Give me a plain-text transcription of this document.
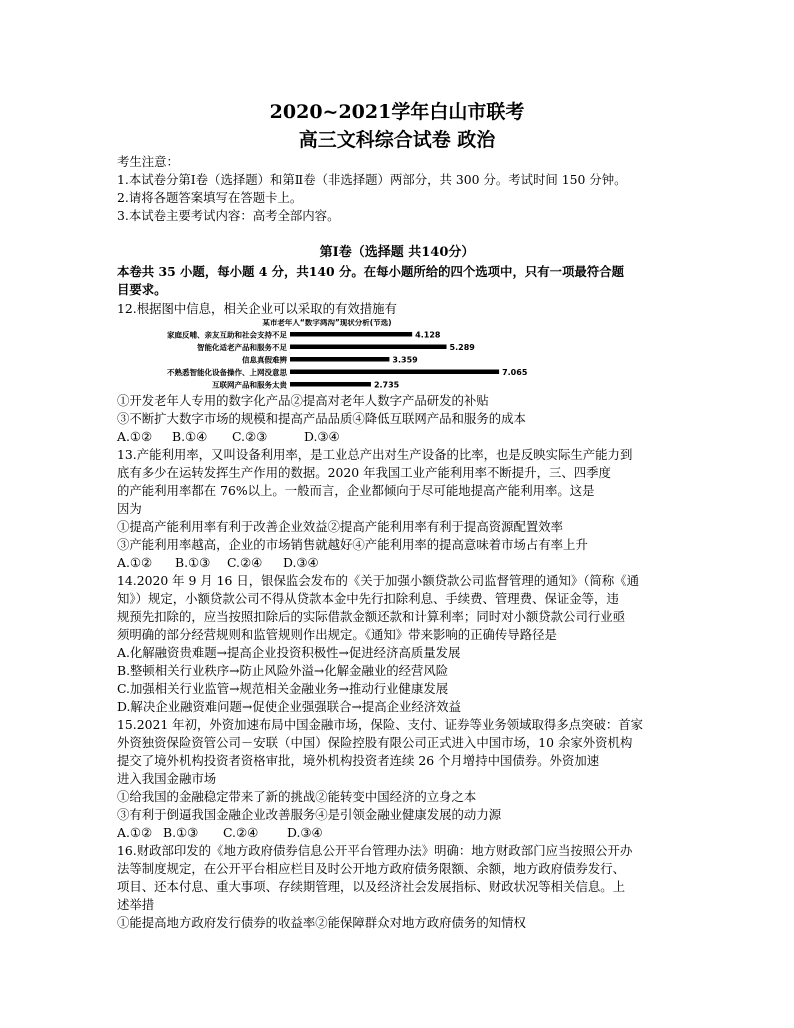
2020~2021学年白山市联考
高三文科综合试卷 政治
考生注意：
1.本试卷分第Ⅰ卷（选择题）和第Ⅱ卷（非选择题）两部分，共 300 分。考试时间 150 分钟。
2.请将各题答案填写在答题卡上。
3.本试卷主要考试内容：高考全部内容。
第Ⅰ卷（选择题 共140分）
本卷共 35 小题，每小题 4 分，共140 分。在每小题所给的四个选项中，只有一项最符合题
目要求。
12.根据图中信息，相关企业可以采取的有效措施有
某市老年人“数字鸿沟”现状分析(节选)
家庭反哺、亲友互助和社会支持不足	4.128
智能化适老产品和服务不足	5.289
信息真假难辨	3.359
不熟悉智能化设备操作、上网没意思	7.065
互联网产品和服务太贵	2.735
①开发老年人专用的数字化产品②提高对老年人数字产品研发的补贴
③不断扩大数字市场的规模和提高产品品质④降低互联网产品和服务的成本
A.①② B.①④ C.②③	D.③④
13.产能利用率，又叫设备利用率，是工业总产出对生产设备的比率，也是反映实际生产能力到
底有多少在运转发挥生产作用的数据。2020 年我国工业产能利用率不断提升，三、四季度
的产能利用率都在 76%以上。一般而言，企业都倾向于尽可能地提高产能利用率。这是
因为
①提高产能利用率有利于改善企业效益②提高产能利用率有利于提高资源配置效率
③产能利用率越高，企业的市场销售就越好④产能利用率的提高意味着市场占有率上升
A.①② B.①③ C.②④ D.③④
14.2020 年 9 月 16 日，银保监会发布的《关于加强小额贷款公司监督管理的通知》（简称《通
知》）规定，小额贷款公司不得从贷款本金中先行扣除利息、手续费、管理费、保证金等，违
规预先扣除的，应当按照扣除后的实际借款金额还款和计算利率；同时对小额贷款公司行业亟
须明确的部分经营规则和监管规则作出规定。《通知》带来影响的正确传导路径是
A.化解融资贵难题→提高企业投资积极性→促进经济高质量发展
B.整顿相关行业秩序→防止风险外溢→化解金融业的经营风险
C.加强相关行业监管→规范相关金融业务→推动行业健康发展
D.解决企业融资难问题→促使企业强强联合→提高企业经济效益
15.2021 年初，外资加速布局中国金融市场，保险、支付、证券等业务领域取得多点突破：首家
外资独资保险资管公司－安联（中国）保险控股有限公司正式进入中国市场，10 余家外资机构
提交了境外机构投资者资格审批，境外机构投资者连续 26 个月增持中国债券。外资加速
进入我国金融市场
①给我国的金融稳定带来了新的挑战②能转变中国经济的立身之本
③有利于倒逼我国金融企业改善服务④是引领金融业健康发展的动力源
A.①② B.①③ C.②④ D.③④
16.财政部印发的《地方政府债券信息公开平台管理办法》明确：地方财政部门应当按照公开办
法等制度规定，在公开平台相应栏目及时公开地方政府债务限额、余额，地方政府债券发行、
项目、还本付息、重大事项、存续期管理，以及经济社会发展指标、财政状况等相关信息。上
述举措
①能提高地方政府发行债券的收益率②能保障群众对地方政府债务的知情权
